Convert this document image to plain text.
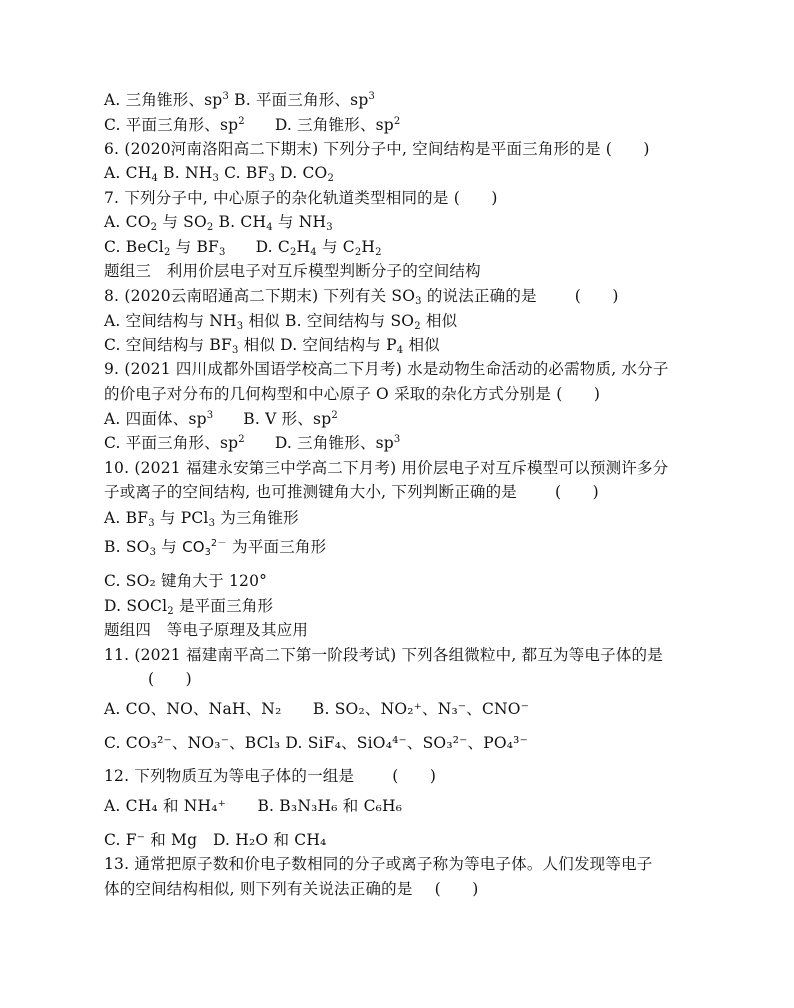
A. 三角锥形、$sp^3$ B. 平面三角形、$sp^3$
C. 平面三角形、$sp^2$ D. 三角锥形、$sp^2$
6. (2020河南洛阳高二下期末) 下列分子中, 空间结构是平面三角形的是 (　　)
A. $CH_4$ B. $NH_3$ C. $BF_3$ D. $CO_2$
7. 下列分子中, 中心原子的杂化轨道类型相同的是 (　　)
A. $CO_2$ 与 $SO_2$ B. $CH_4$ 与 $NH_3$
C. BeCl$_2$ 与 $BF_3$ D. $C_2H_4$ 与 $C_2H_2$
题组三　利用价层电子对互斥模型判断分子的空间结构
8. (2020云南昭通高二下期末) 下列有关 $SO_3$ 的说法正确的是 (　　)
A. 空间结构与 $NH_3$ 相似 B. 空间结构与 $SO_2$ 相似
C. 空间结构与 $BF_3$ 相似 D. 空间结构与 $P_4$ 相似
9. (2021 四川成都外国语学校高二下月考) 水是动物生命活动的必需物质, 水分子
的价电子对分布的几何构型和中心原子 O 采取的杂化方式分别是 (　　)
A. 四面体、$sp^3$ B. V 形、$sp^2$
C. 平面三角形、$sp^2$ D. 三角锥形、$sp^3$
10. (2021 福建永安第三中学高二下月考) 用价层电子对互斥模型可以预测许多分
子或离子的空间结构, 也可推测键角大小, 下列判断正确的是 (　　)
A. $BF_3$ 与 PCl$_3$ 为三角锥形
B. $SO_3$ 与 $CO_3^{2-}$ 为平面三角形
C. SO₂ 键角大于 120°
D. SOCl$_2$ 是平面三角形
题组四　等电子原理及其应用
11. (2021 福建南平高二下第一阶段考试) 下列各组微粒中, 都互为等电子体的是
(　　)
A. CO、NO、NaH、N₂　　B. SO₂、NO₂⁺、N₃⁻、CNO⁻
C. CO₃²⁻、NO₃⁻、BCl₃ D. SiF₄、SiO₄⁴⁻、SO₃²⁻、PO₄³⁻
12. 下列物质互为等电子体的一组是 (　　)
A. CH₄ 和 NH₄⁺　　B. B₃N₃H₆ 和 C₆H₆
C. F⁻ 和 Mg　D. H₂O 和 CH₄
13. 通常把原子数和价电子数相同的分子或离子称为等电子体。人们发现等电子
体的空间结构相似, 则下列有关说法正确的是 (　　)
